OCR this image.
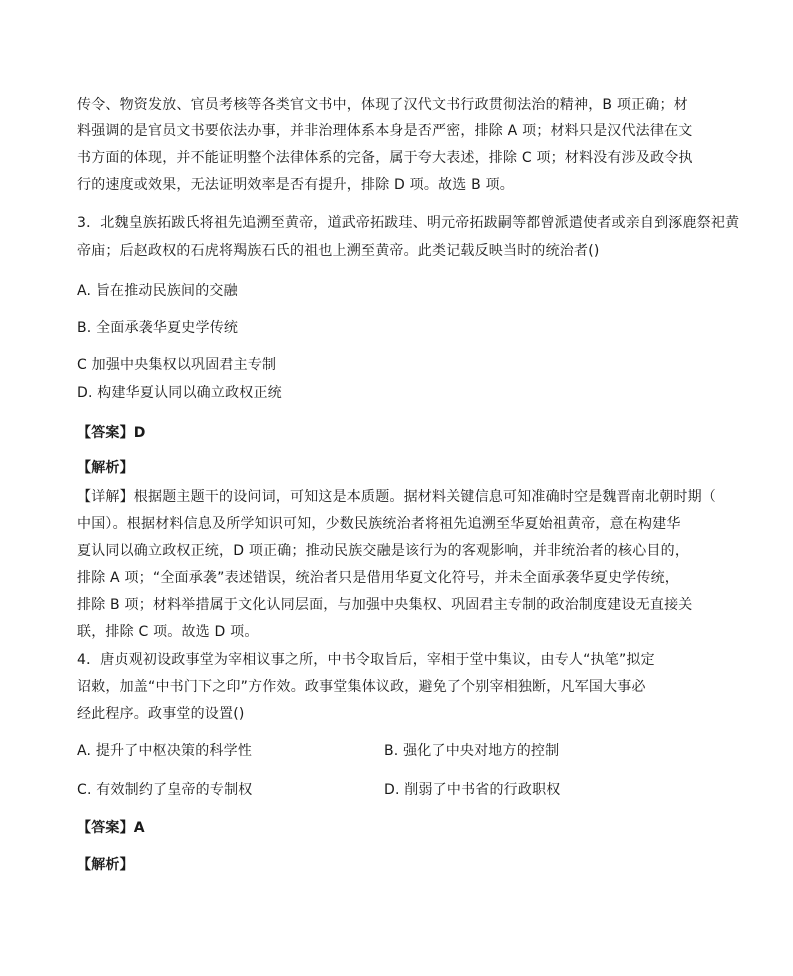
传令、物资发放、官员考核等各类官文书中，体现了汉代文书行政贯彻法治的精神，B 项正确；材
料强调的是官员文书要依法办事，并非治理体系本身是否严密，排除 A 项；材料只是汉代法律在文
书方面的体现，并不能证明整个法律体系的完备，属于夸大表述，排除 C 项；材料没有涉及政令执
行的速度或效果，无法证明效率是否有提升，排除 D 项。故选 B 项。
3．北魏皇族拓跋氏将祖先追溯至黄帝，道武帝拓跋珪、明元帝拓跋嗣等都曾派遣使者或亲自到涿鹿祭祀黄
帝庙；后赵政权的石虎将羯族石氏的祖也上溯至黄帝。此类记载反映当时的统治者()
A. 旨在推动民族间的交融
B. 全面承袭华夏史学传统
C 加强中央集权以巩固君主专制
D. 构建华夏认同以确立政权正统
【答案】D
【解析】
【详解】根据题主题干的设问词，可知这是本质题。据材料关键信息可知准确时空是魏晋南北朝时期（
中国）。根据材料信息及所学知识可知，少数民族统治者将祖先追溯至华夏始祖黄帝，意在构建华
夏认同以确立政权正统，D 项正确；推动民族交融是该行为的客观影响，并非统治者的核心目的，
排除 A 项；“全面承袭”表述错误，统治者只是借用华夏文化符号，并未全面承袭华夏史学传统，
排除 B 项；材料举措属于文化认同层面，与加强中央集权、巩固君主专制的政治制度建设无直接关
联，排除 C 项。故选 D 项。
4．唐贞观初设政事堂为宰相议事之所，中书令取旨后，宰相于堂中集议，由专人“执笔”拟定
诏敕，加盖“中书门下之印”方作效。政事堂集体议政，避免了个别宰相独断，凡军国大事必
经此程序。政事堂的设置()
A. 提升了中枢决策的科学性	B. 强化了中央对地方的控制
C. 有效制约了皇帝的专制权	D. 削弱了中书省的行政职权
【答案】A
【解析】
